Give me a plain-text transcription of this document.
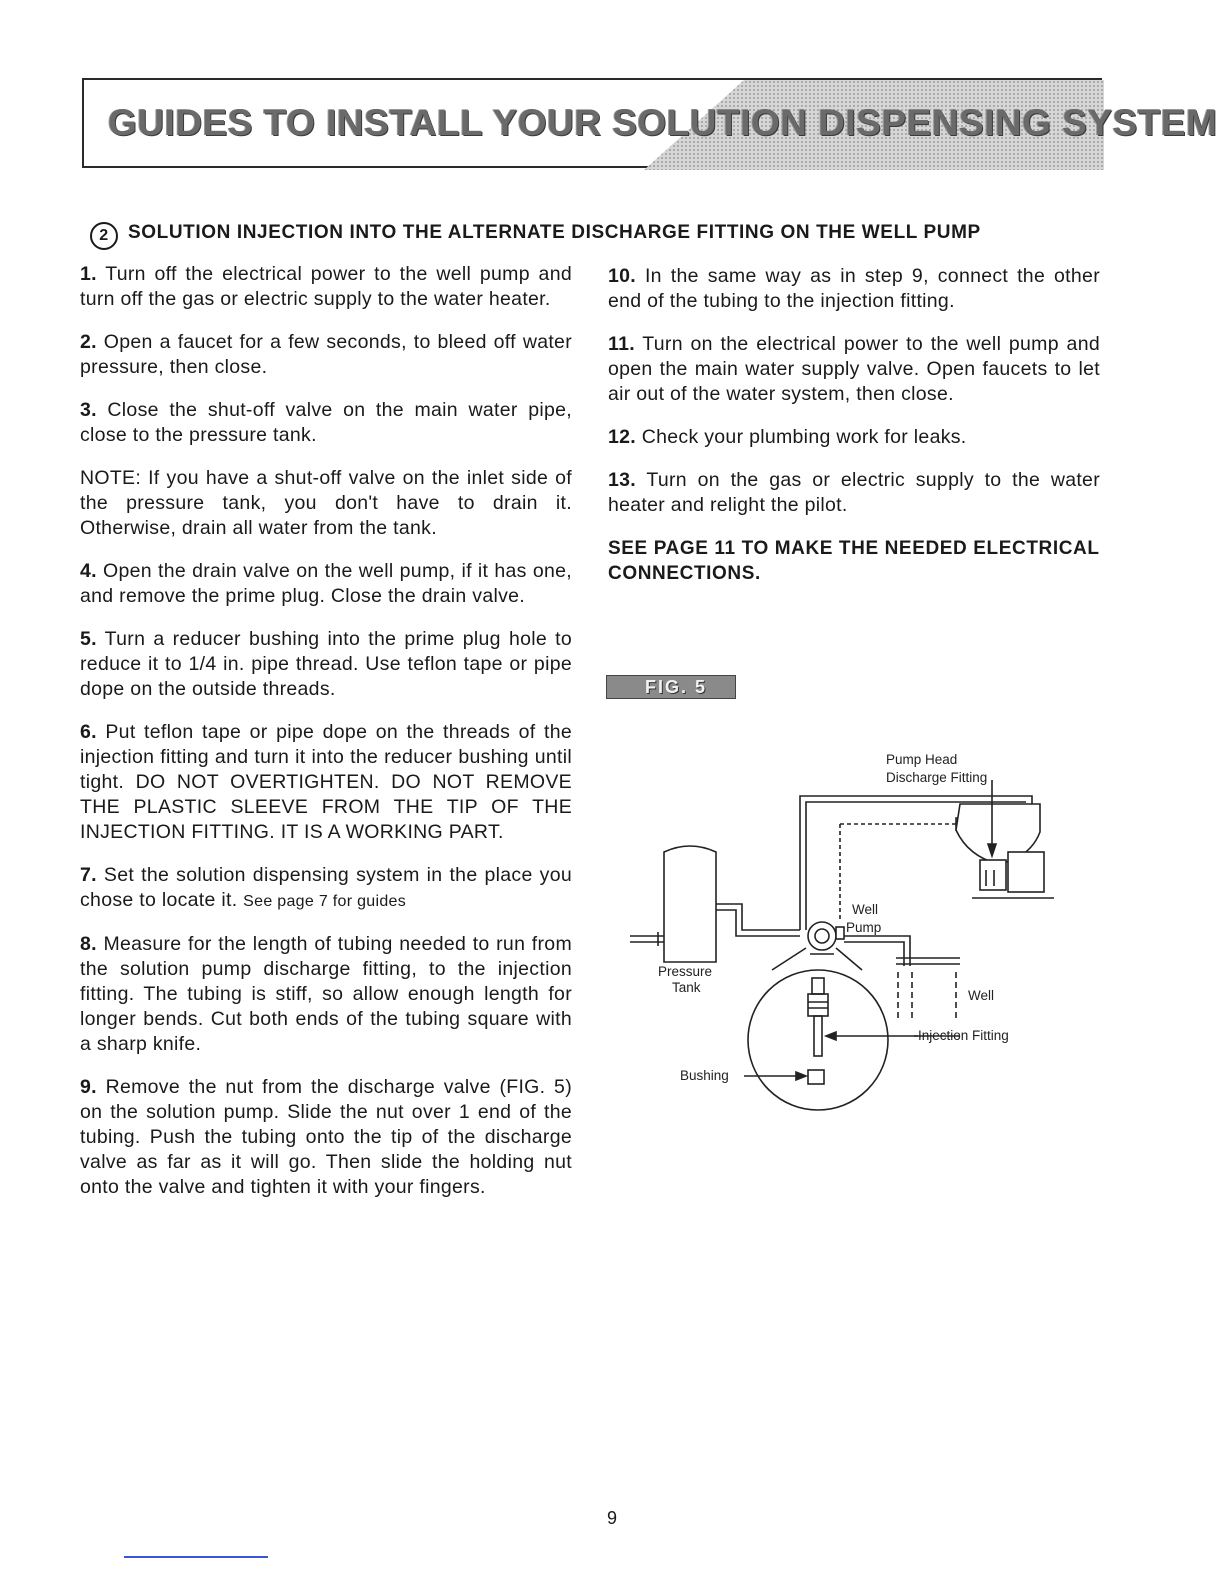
GUIDES TO INSTALL YOUR SOLUTION DISPENSING SYSTEM
2 SOLUTION INJECTION INTO THE ALTERNATE DISCHARGE FITTING ON THE WELL PUMP

1. Turn off the electrical power to the well pump and turn off the gas or electric supply to the water heater.

2. Open a faucet for a few seconds, to bleed off water pressure, then close.

3. Close the shut-off valve on the main water pipe, close to the pressure tank.

NOTE: If you have a shut-off valve on the inlet side of the pressure tank, you don't have to drain it. Otherwise, drain all water from the tank.

4. Open the drain valve on the well pump, if it has one, and remove the prime plug. Close the drain valve.

5. Turn a reducer bushing into the prime plug hole to reduce it to 1/4 in. pipe thread. Use teflon tape or pipe dope on the outside threads.

6. Put teflon tape or pipe dope on the threads of the injection fitting and turn it into the reducer bushing until tight. DO NOT OVERTIGHTEN. DO NOT REMOVE THE PLASTIC SLEEVE FROM THE TIP OF THE INJECTION FITTING. IT IS A WORKING PART.

7. Set the solution dispensing system in the place you chose to locate it. See page 7 for guides

8. Measure for the length of tubing needed to run from the solution pump discharge fitting, to the injection fitting. The tubing is stiff, so allow enough length for longer bends. Cut both ends of the tubing square with a sharp knife.

9. Remove the nut from the discharge valve (FIG. 5) on the solution pump. Slide the nut over 1 end of the tubing. Push the tubing onto the tip of the discharge valve as far as it will go. Then slide the holding nut onto the valve and tighten it with your fingers.

10. In the same way as in step 9, connect the other end of the tubing to the injection fitting.

11. Turn on the electrical power to the well pump and open the main water supply valve. Open faucets to let air out of the water system, then close.

12. Check your plumbing work for leaks.

13. Turn on the gas or electric supply to the water heater and relight the pilot.

SEE PAGE 11 TO MAKE THE NEEDED ELECTRICAL CONNECTIONS.

FIG. 5
Pump Head
Discharge Fitting
Well
Pump
Pressure
Tank
Well
Injection Fitting
Bushing
9
